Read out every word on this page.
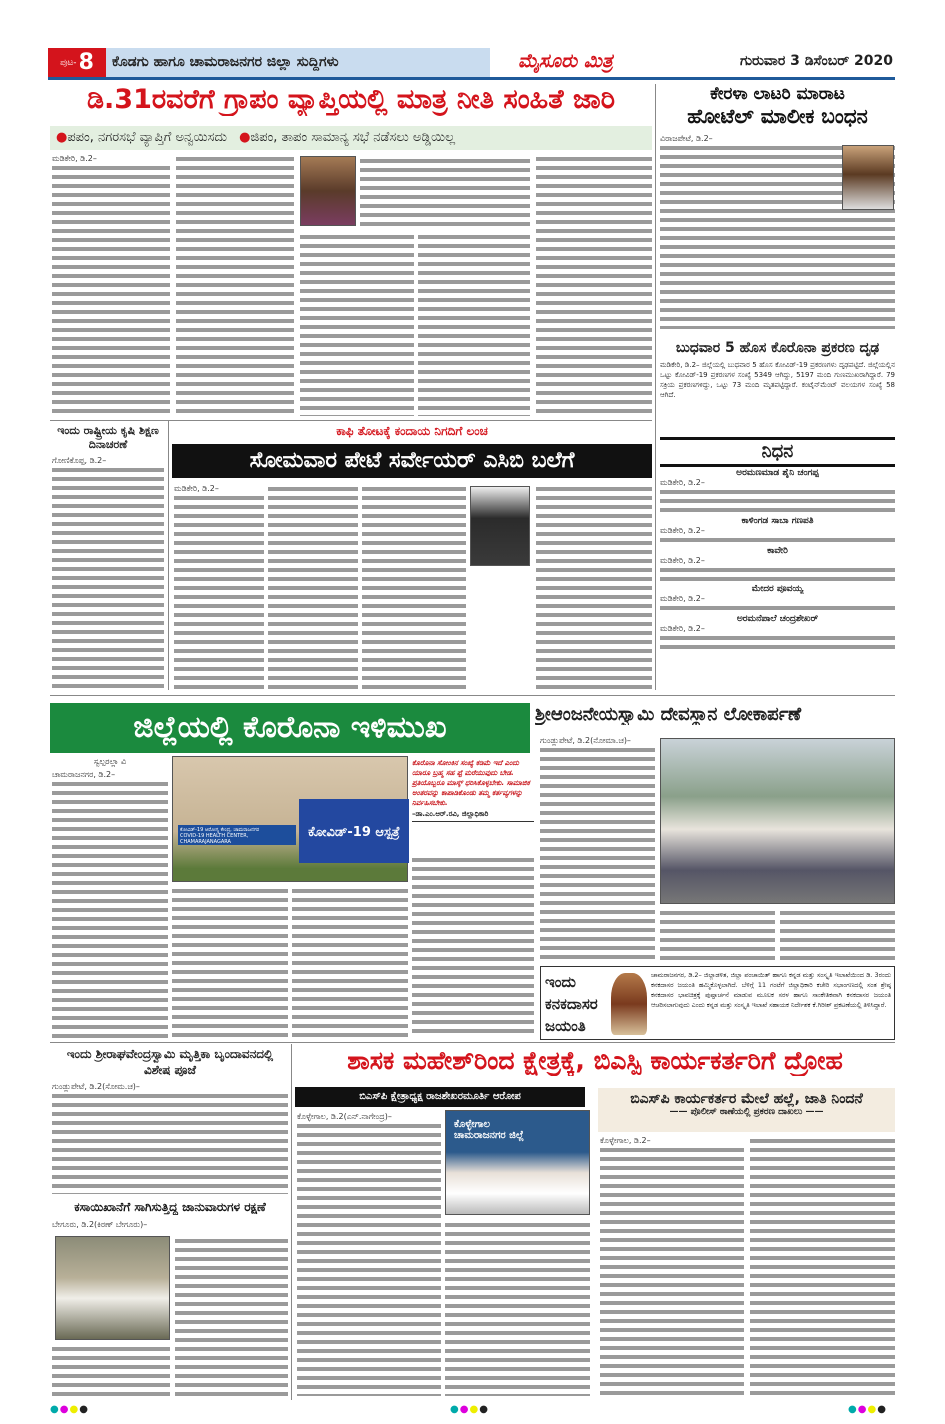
ಪುಟ- 8	ಕೊಡಗು ಹಾಗೂ ಚಾಮರಾಜನಗರ ಜಿಲ್ಲಾ ಸುದ್ದಿಗಳು	ಮೈಸೂರು ಮಿತ್ರ	ಗುರುವಾರ 3 ಡಿಸೆಂಬರ್ 2020
ಡಿ.31ರವರೆಗೆ ಗ್ರಾಪಂ ವ್ಯಾಪ್ತಿಯಲ್ಲಿ ಮಾತ್ರ ನೀತಿ ಸಂಹಿತೆ ಜಾರಿ
●ಪಪಂ, ನಗರಸಭೆ ವ್ಯಾಪ್ತಿಗೆ ಅನ್ವಯಿಸದು ●ಜಿಪಂ, ತಾಪಂ ಸಾಮಾನ್ಯ ಸಭೆ ನಡೆಸಲು ಅಡ್ಡಿಯಿಲ್ಲ
ಮಡಿಕೇರಿ, ಡಿ.2–
ಕೇರಳಾ ಲಾಟರಿ ಮಾರಾಟ
ಹೋಟೆಲ್ ಮಾಲೀಕ ಬಂಧನ
ವಿರಾಜಪೇಟೆ, ಡಿ.2–
ಬುಧವಾರ 5 ಹೊಸ ಕೊರೊನಾ ಪ್ರಕರಣ ದೃಢ
ಮಡಿಕೇರಿ, ಡಿ.2– ಜಿಲ್ಲೆಯಲ್ಲಿ ಬುಧವಾರ 5 ಹೊಸ ಕೋವಿಡ್-19 ಪ್ರಕರಣಗಳು ದೃಢಪಟ್ಟಿದೆ. ಜಿಲ್ಲೆಯಲ್ಲಿನ ಒಟ್ಟು ಕೋವಿಡ್-19 ಪ್ರಕರಣಗಳ ಸಂಖ್ಯೆ 5349 ಆಗಿದ್ದು, 5197 ಮಂದಿ ಗುಣಮುಖರಾಗಿದ್ದಾರೆ. 79 ಸಕ್ರಿಯ ಪ್ರಕರಣಗಳಿದ್ದು, ಒಟ್ಟು 73 ಮಂದಿ ಮೃತಪಟ್ಟಿದ್ದಾರೆ. ಕಂಟೈನ್‌ಮೆಂಟ್ ವಲಯಗಳ ಸಂಖ್ಯೆ 58 ಆಗಿದೆ.
ನಿಧನ
ಅರಮಣಮಾಡ ಶೈನಿ ಚಂಗಪ್ಪ
ಮಡಿಕೇರಿ, ಡಿ.2–
ಕಾಳಿಂಗಡ ಸಾಬಾ ಗಣಪತಿ
ಮಡಿಕೇರಿ, ಡಿ.2–
ಕಾವೇರಿ
ಮಡಿಕೇರಿ, ಡಿ.2–
ಮೇದರ ಪೂವಯ್ಯ
ಮಡಿಕೇರಿ, ಡಿ.2–
ಅರಮನೆಪಾಲೆ ಚಂದ್ರಶೇಖರ್
ಮಡಿಕೇರಿ, ಡಿ.2–
ಇಂದು ರಾಷ್ಟ್ರೀಯ ಕೃಷಿ ಶಿಕ್ಷಣ ದಿನಾಚರಣೆ
ಗೋಣಿಕೊಪ್ಪ, ಡಿ.2–
ಕಾಫಿ ತೋಟಕ್ಕೆ ಕಂದಾಯ ನಿಗದಿಗೆ ಲಂಚ
ಸೋಮವಾರ ಪೇಟೆ ಸರ್ವೇಯರ್ ಎಸಿಬಿ ಬಲೆಗೆ
ಮಡಿಕೇರಿ, ಡಿ.2–
ಜಿಲ್ಲೆಯಲ್ಲಿ ಕೊರೊನಾ ಇಳಿಮುಖ
ಸ್ವಲ್ಪರಲ್ಲಾ ವಿ
ಚಾಮರಾಜನಗರ, ಡಿ.2–
ಕೋವಿಡ್-19 ಆರೋಗ್ಯ ಕೇಂದ್ರ, ಚಾಮರಾಜನಗರ
COVID-19 HEALTH CENTER, CHAMARAJANAGARA
ಕೋವಿಡ್-19 ಆಸ್ಪತ್ರೆ
ಕೊರೊನಾ ಸೋಂಕಿನ ಸಂಖ್ಯೆ ಕಡಿಮೆ ಇದೆ ಎಂದು ಯಾರೂ ಬ್ರಹ್ಮ ಸಹ ಪ್ಟೆ ಮರೆಯುವುದು ಬೇಡ. ಪ್ರತಿಯೊಬ್ಬರೂ ಮಾಸ್ಕ್ ಧರಿಸಿಕೊಳ್ಳಬೇಕು. ಸಾಮಾಜಿಕ ಅಂತರವನ್ನು ಕಾಪಾಡಿಕೊಂಡು ತಮ್ಮ ಕರ್ತವ್ಯಗಳನ್ನು ನಿರ್ವಹಿಸಬೇಕು.
–ಡಾ.ಎಂ.ಆರ್.ರವಿ, ಜಿಲ್ಲಾಧಿಕಾರಿ
ಶ್ರೀಆಂಜನೇಯಸ್ವಾಮಿ ದೇವಸ್ಥಾನ ಲೋಕಾರ್ಪಣೆ
ಗುಂಡ್ಲುಪೇಟೆ, ಡಿ.2(ನೋಮಾ.ಚ)–
ಇಂದು ಕನಕದಾಸರ ಜಯಂತಿ
ಚಾಮರಾಜನಗರ, ಡಿ.2– ಜಿಲ್ಲಾಡಳಿತ, ಜಿಲ್ಲಾ ಪಂಚಾಯಿತ್ ಹಾಗೂ ಕನ್ನಡ ಮತ್ತು ಸಂಸ್ಕೃತಿ ಇಲಾಖೆಯಿಂದ ಡಿ. 3ರಂದು ಕನಕದಾಸರ ಜಯಂತಿ ಹಮ್ಮಿಕೊಳ್ಳಲಾಗಿದೆ. ಬೆಳಿಗ್ಗೆ 11 ಗಂಟೆಗೆ ಜಿಲ್ಲಾಧಿಕಾರಿ ಕಚೇರಿ ಸಭಾಂಗಣದಲ್ಲಿ ಸಂತ ಶ್ರೇಷ್ಠ ಕನಕದಾಸರ ಭಾವಚಿತ್ರಕ್ಕೆ ಪುಷ್ಪಾರ್ಚನೆ ಮಾಡುವ ಮೂಲಕ ಸರಳ ಹಾಗೂ ಸಾಂಕೇತಿಕವಾಗಿ ಕನಕದಾಸರ ಜಯಂತಿ ಆಚರಿಸಲಾಗುವುದು ಎಂದು ಕನ್ನಡ ಮತ್ತು ಸಂಸ್ಕೃತಿ ಇಲಾಖೆ ಸಹಾಯಕ ನಿರ್ದೇಶಕ ಕೆ.ಗಿರೀಶ್ ಪ್ರಕಟಣೆಯಲ್ಲಿ ತಿಳಿಸಿದ್ದಾರೆ.
ಇಂದು ಶ್ರೀರಾಘವೇಂದ್ರಸ್ವಾಮಿ ಮೃತ್ತಿಕಾ ಬೃಂದಾವನದಲ್ಲಿ ವಿಶೇಷ ಪೂಜೆ
ಗುಂಡ್ಲುಪೇಟೆ, ಡಿ.2(ಸೋಮ.ಚ)–
ಕಸಾಯಿಖಾನೆಗೆ ಸಾಗಿಸುತ್ತಿದ್ದ ಜಾನುವಾರುಗಳ ರಕ್ಷಣೆ
ಬೇಗೂರು, ಡಿ.2(ಕಿರಣ್ ಬೇಗೂರು)–
ಶಾಸಕ ಮಹೇಶ್‌ರಿಂದ ಕ್ಷೇತ್ರಕ್ಕೆ, ಬಿಎಸ್ಪಿ ಕಾರ್ಯಕರ್ತರಿಗೆ ದ್ರೋಹ
ಬಿಎಸ್‌ಪಿ ಕ್ಷೇತ್ರಾಧ್ಯಕ್ಷ ರಾಜಶೇಖರಮೂರ್ತಿ ಆರೋಪ
ಕೊಳ್ಳೇಗಾಲ, ಡಿ.2(ಎನ್.ನಾಗೇಂದ್ರ)–
ಕೊಳ್ಳೇಗಾಲ ಚಾಮರಾಜನಗರ ಜಿಲ್ಲೆ
ಬಿಎಸ್‌ಪಿ ಕಾರ್ಯಕರ್ತರ ಮೇಲೆ ಹಲ್ಲೆ, ಜಾತಿ ನಿಂದನೆ
—— ಪೊಲೀಸ್ ಠಾಣೆಯಲ್ಲಿ ಪ್ರಕರಣ ದಾಖಲು ——
ಕೊಳ್ಳೇಗಾಲ, ಡಿ.2–
●●●●	●●●●	●●●●
